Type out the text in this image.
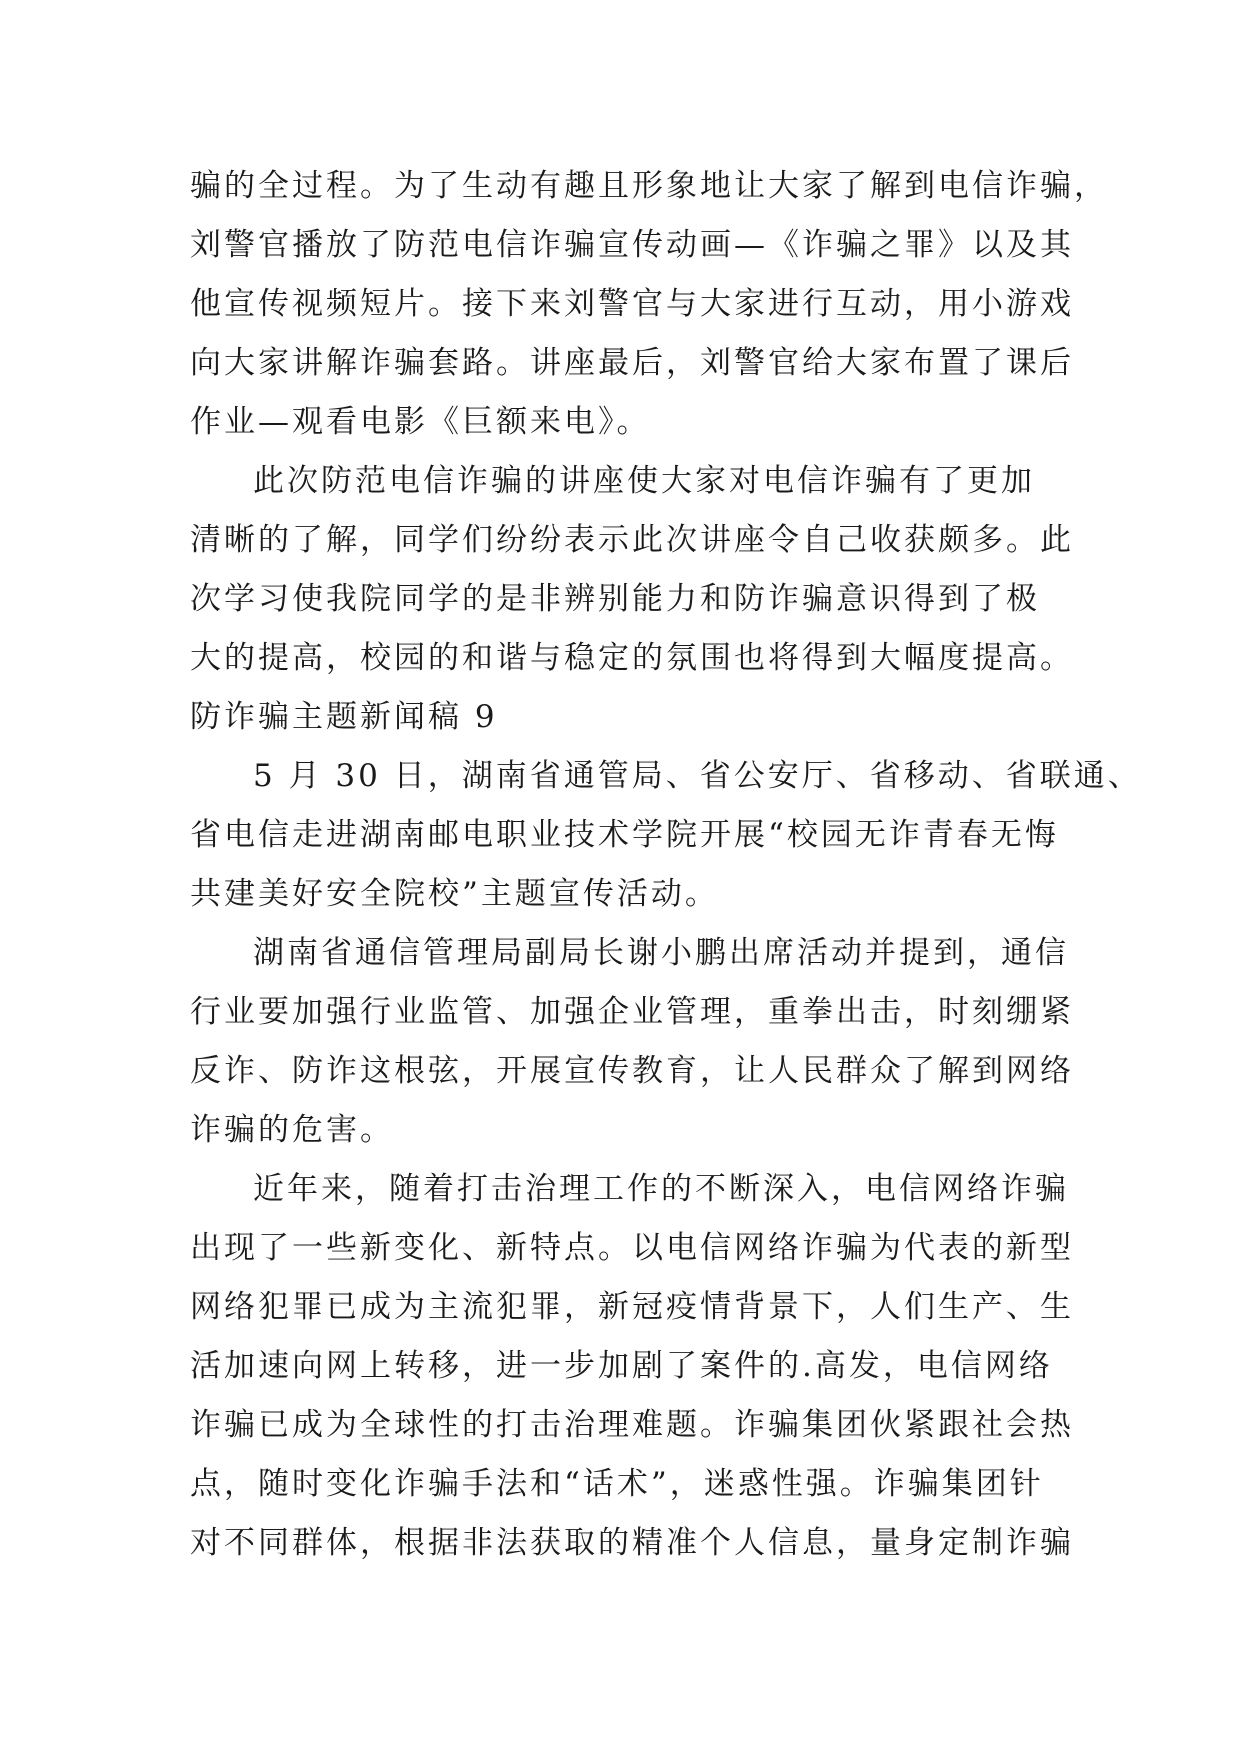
骗的全过程。为了生动有趣且形象地让大家了解到电信诈骗，
刘警官播放了防范电信诈骗宣传动画—《诈骗之罪》以及其
他宣传视频短片。接下来刘警官与大家进行互动，用小游戏
向大家讲解诈骗套路。讲座最后，刘警官给大家布置了课后
作业—观看电影《巨额来电》。
此次防范电信诈骗的讲座使大家对电信诈骗有了更加
清晰的了解，同学们纷纷表示此次讲座令自己收获颇多。此
次学习使我院同学的是非辨别能力和防诈骗意识得到了极
大的提高，校园的和谐与稳定的氛围也将得到大幅度提高。
防诈骗主题新闻稿 9
5 月 30 日，湖南省通管局、省公安厅、省移动、省联通、
省电信走进湖南邮电职业技术学院开展“校园无诈青春无悔
共建美好安全院校”主题宣传活动。
湖南省通信管理局副局长谢小鹏出席活动并提到，通信
行业要加强行业监管、加强企业管理，重拳出击，时刻绷紧
反诈、防诈这根弦，开展宣传教育，让人民群众了解到网络
诈骗的危害。
近年来，随着打击治理工作的不断深入，电信网络诈骗
出现了一些新变化、新特点。以电信网络诈骗为代表的新型
网络犯罪已成为主流犯罪，新冠疫情背景下，人们生产、生
活加速向网上转移，进一步加剧了案件的.高发，电信网络
诈骗已成为全球性的打击治理难题。诈骗集团伙紧跟社会热
点，随时变化诈骗手法和“话术”，迷惑性强。诈骗集团针
对不同群体，根据非法获取的精准个人信息，量身定制诈骗
